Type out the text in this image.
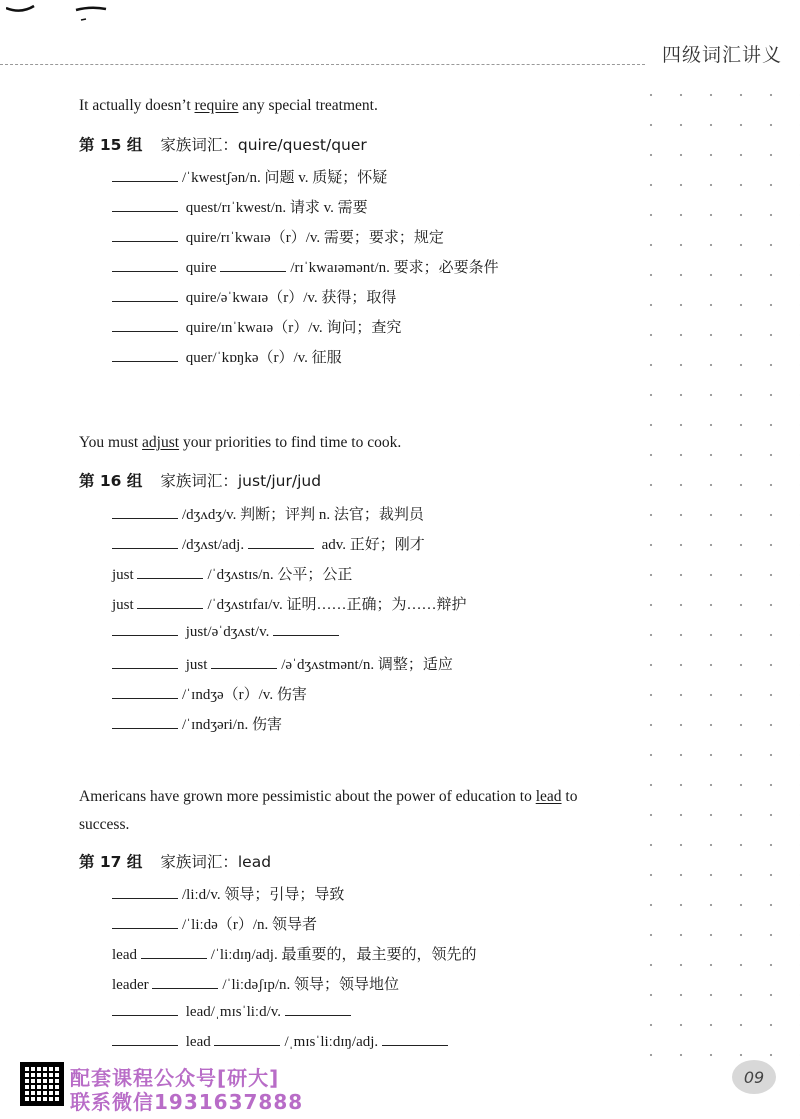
四级词汇讲义
It actually doesn’t require any special treatment.
第 15 组 家族词汇：quire/quest/quer
/ˈkwestʃən/n. 问题 v. 质疑；怀疑
quest/rɪˈkwest/n. 请求 v. 需要
quire/rɪˈkwaɪə（r）/v. 需要；要求；规定
quire	/rɪˈkwaɪəmənt/n. 要求；必要条件
quire/əˈkwaɪə（r）/v. 获得；取得
quire/ɪnˈkwaɪə（r）/v. 询问；查究
quer/ˈkɒŋkə（r）/v. 征服
You must adjust your priorities to find time to cook.
第 16 组 家族词汇：just/jur/jud
/dʒʌdʒ/v. 判断；评判 n. 法官；裁判员
/dʒʌst/adj.	adv. 正好；刚才
just	/ˈdʒʌstɪs/n. 公平；公正
just	/ˈdʒʌstɪfaɪ/v. 证明……正确；为……辩护
just/əˈdʒʌst/v.
just	/əˈdʒʌstmənt/n. 调整；适应
/ˈɪndʒə（r）/v. 伤害
/ˈɪndʒəri/n. 伤害
Americans have grown more pessimistic about the power of education to lead to
success.
第 17 组 家族词汇：lead
/liːd/v. 领导；引导；导致
/ˈliːdə（r）/n. 领导者
lead	/ˈliːdɪŋ/adj. 最重要的，最主要的，领先的
leader	/ˈliːdəʃɪp/n. 领导；领导地位
lead/ˌmɪsˈliːd/v.
lead	/ˌmɪsˈliːdɪŋ/adj.
配套课程公众号[研大]
联系微信1931637888
09
